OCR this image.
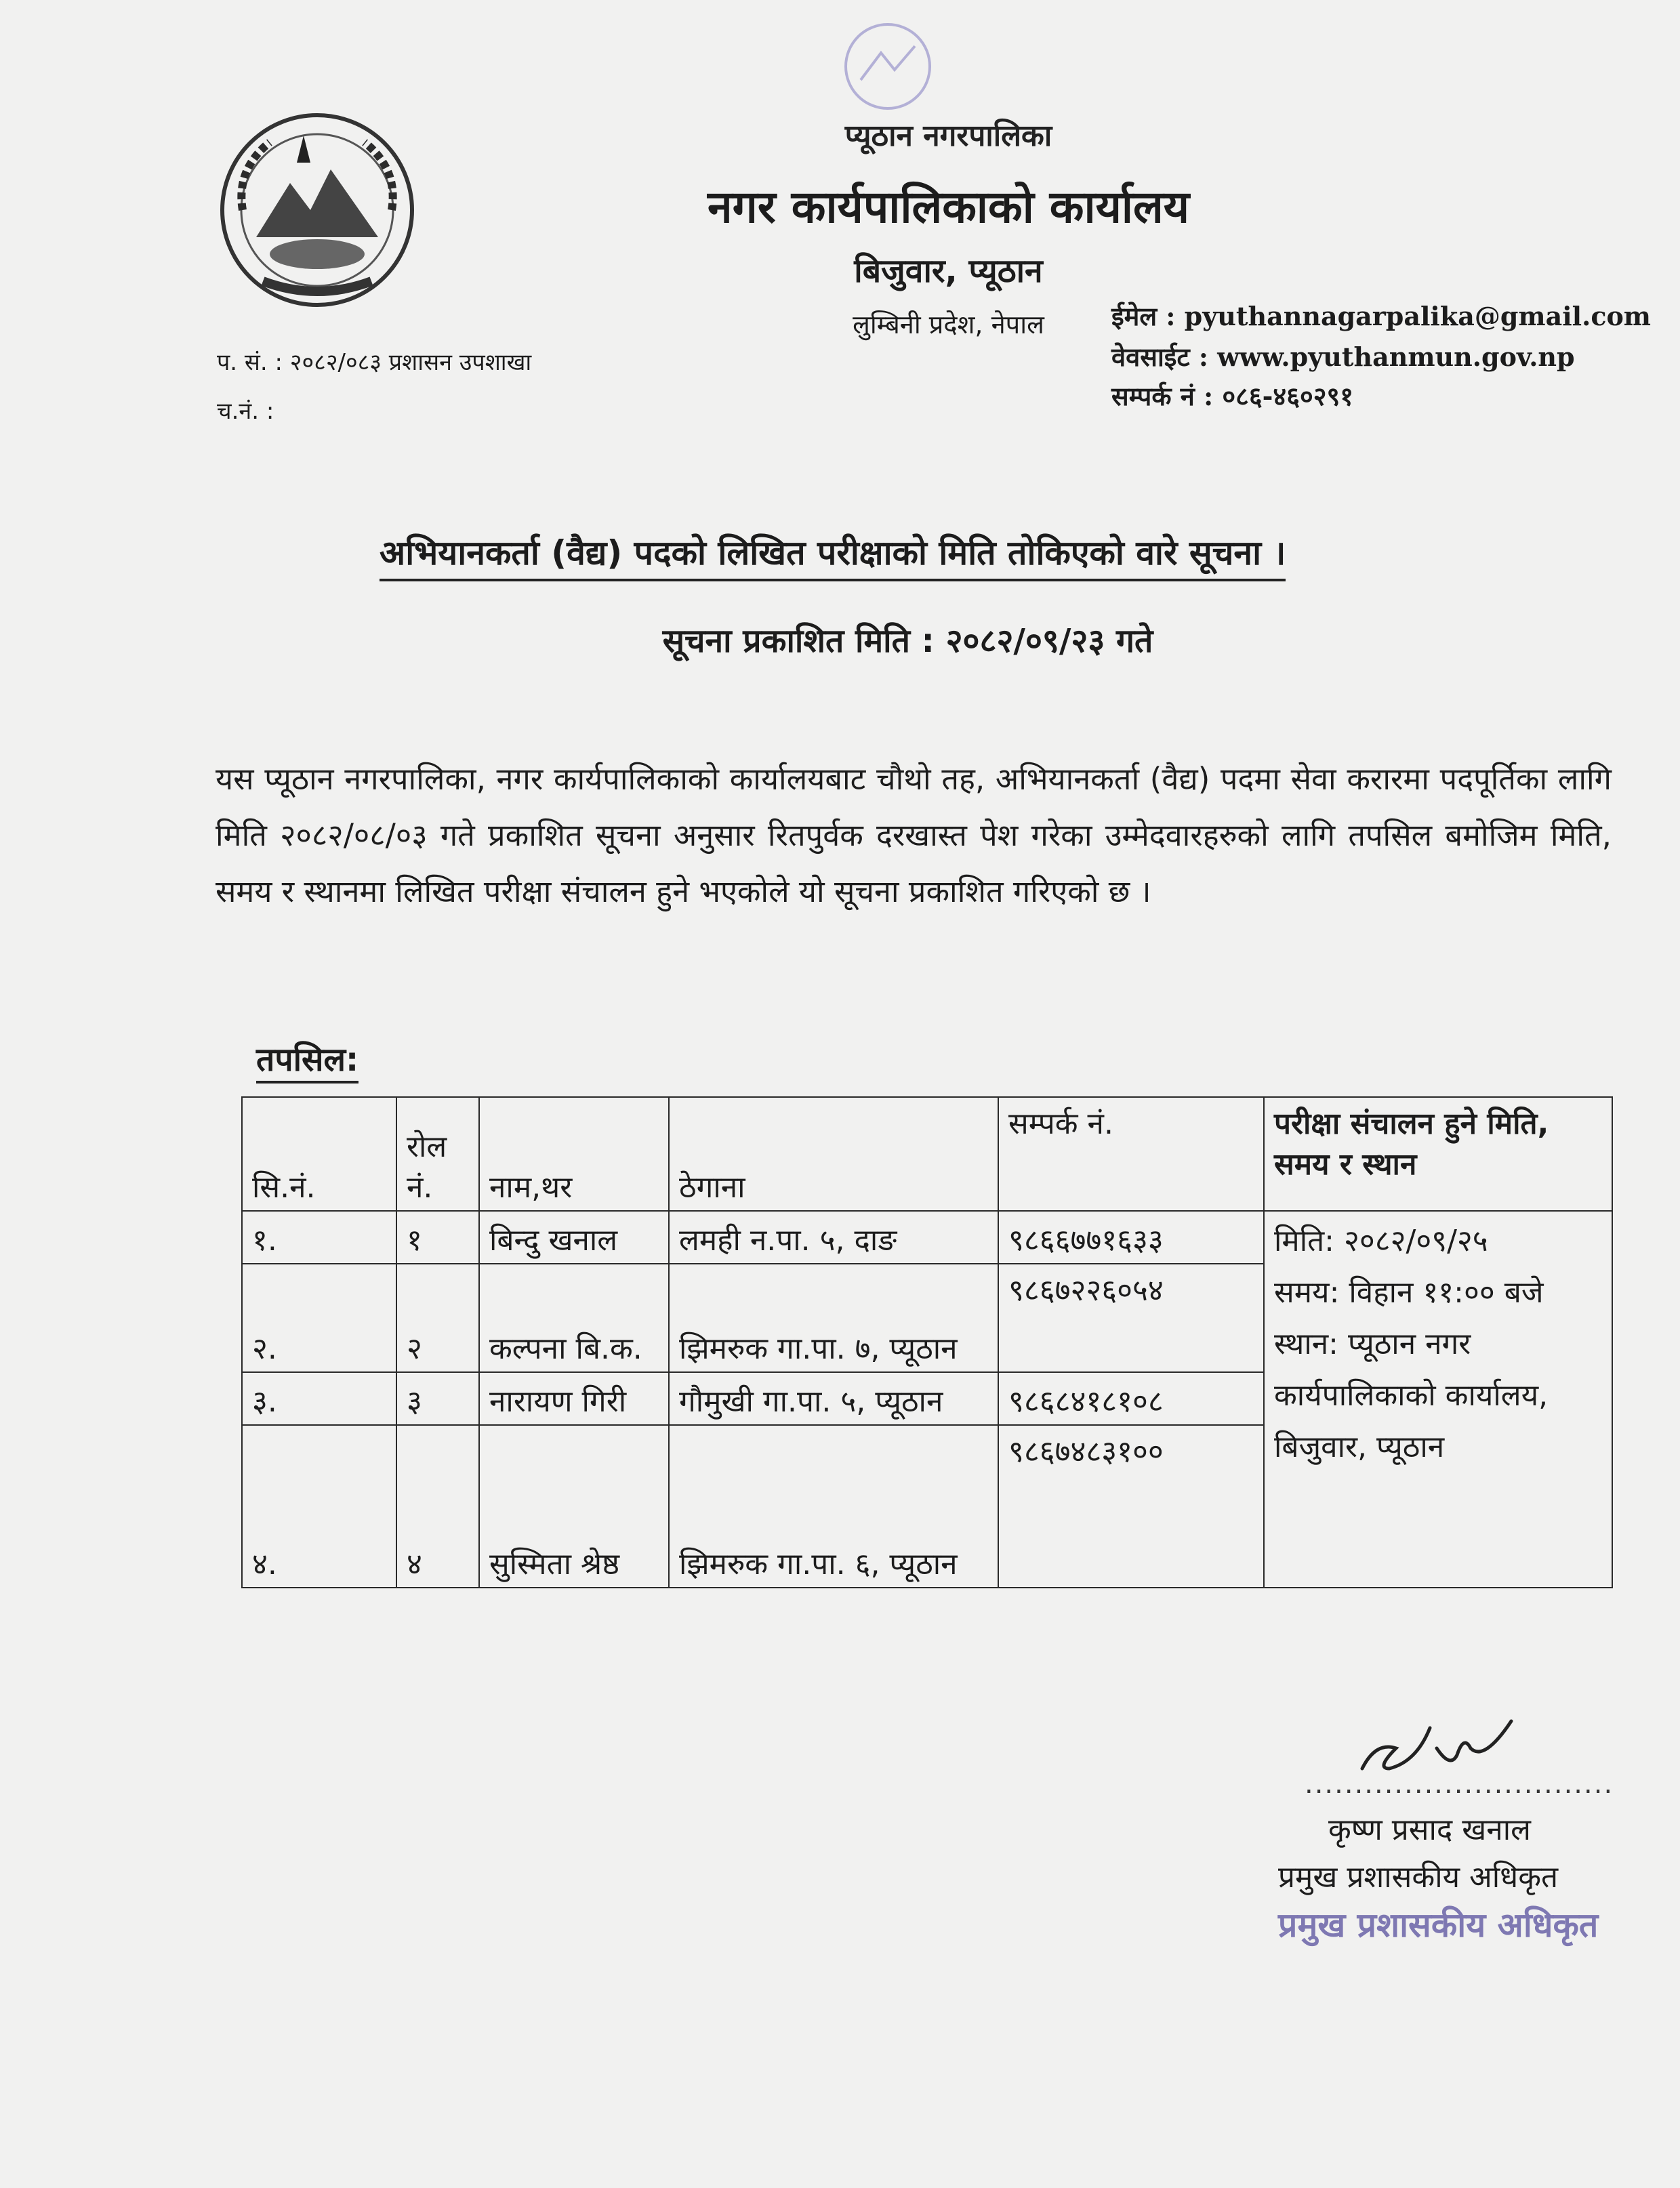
प्यूठान नगरपालिका
नगर कार्यपालिकाको कार्यालय
बिजुवार, प्यूठान
लुम्बिनी प्रदेश, नेपाल	ईमेल : pyuthannagarpalika@gmail.com
वेवसाईट : www.pyuthanmun.gov.np
सम्पर्क नं : ०८६-४६०२९१
प. सं. : २०८२/०८३ प्रशासन उपशाखा
च.नं. :
अभियानकर्ता (वैद्य) पदको लिखित परीक्षाको मिति तोकिएको वारे सूचना ।
सूचना प्रकाशित मिति : २०८२/०९/२३ गते
यस प्यूठान नगरपालिका, नगर कार्यपालिकाको कार्यालयबाट चौथो तह, अभियानकर्ता (वैद्य) पदमा सेवा करारमा पदपूर्तिका लागि मिति २०८२/०८/०३ गते प्रकाशित सूचना अनुसार रितपुर्वक दरखास्त पेश गरेका उम्मेदवारहरुको लागि तपसिल बमोजिम मिति, समय र स्थानमा लिखित परीक्षा संचालन हुने भएकोले यो सूचना प्रकाशित गरिएको छ ।
तपसिल:
सि.नं.	रोल नं.	नाम,थर	ठेगाना	सम्पर्क नं.	परीक्षा संचालन हुने मिति, समय र स्थान
१.	१	बिन्दु खनाल	लमही न.पा. ५, दाङ	९८६६७७१६३३	मिति: २०८२/०९/२५
समय: विहान ११:०० बजे
स्थान: प्यूठान नगर कार्यपालिकाको कार्यालय, बिजुवार, प्यूठान

२.	२	कल्पना बि.क.	झिमरुक गा.पा. ७, प्यूठान	९८६७२२६०५४	
३.	३	नारायण गिरी	गौमुखी गा.पा. ५, प्यूठान	९८६८४१८१०८	
४.	४	सुस्मिता श्रेष्ठ	झिमरुक गा.पा. ६, प्यूठान	९८६७४८३१००	
...............................
कृष्ण प्रसाद खनाल
प्रमुख प्रशासकीय अधिकृत
प्रमुख प्रशासकीय अधिकृत
